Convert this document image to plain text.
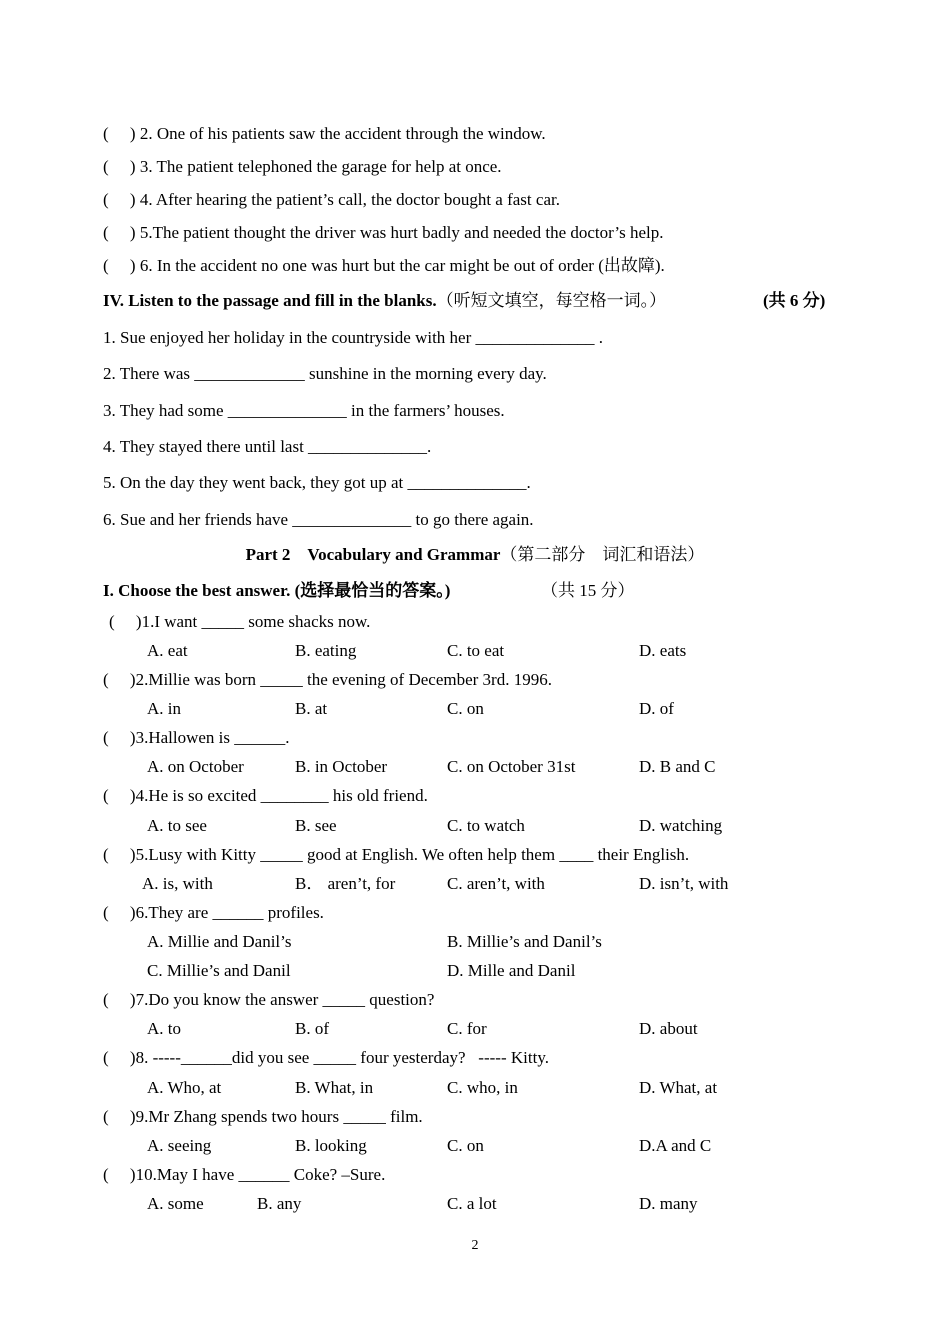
(     ) 2. One of his patients saw the accident through the window.
(     ) 3. The patient telephoned the garage for help at once.
(     ) 4. After hearing the patient’s call, the doctor bought a fast car.
(     ) 5.The patient thought the driver was hurt badly and needed the doctor’s help.
(     ) 6. In the accident no one was hurt but the car might be out of order (出故障).
IV. Listen to the passage and fill in the blanks.（听短文填空，每空格一词。）	(共 6 分)
1. Sue enjoyed her holiday in the countryside with her ______________ .
2. There was _____________ sunshine in the morning every day.
3. They had some ______________ in the farmers’ houses.
4. They stayed there until last ______________.
5. On the day they went back, they got up at ______________.
6. Sue and her friends have ______________ to go there again.
Part 2    Vocabulary and Grammar（第二部分    词汇和语法）
I. Choose the best answer. (选择最恰当的答案。)	（共 15 分）
(     )1.I want _____ some shacks now.
A. eat	B. eating	C. to eat	D. eats
(     )2.Millie was born _____ the evening of December 3rd. 1996.
A. in	B. at	C. on	D. of
(     )3.Hallowen is ______.
A. on October	B. in October	C. on October 31st	D. B and C
(     )4.He is so excited ________ his old friend.
A. to see	B. see	C. to watch	D. watching
(     )5.Lusy with Kitty _____ good at English. We often help them ____ their English.
A. is, with	B． aren’t, for	C. aren’t, with	D. isn’t, with
(     )6.They are ______ profiles.
A. Millie and Danil’s	B. Millie’s and Danil’s
C. Millie’s and Danil	D. Mille and Danil
(     )7.Do you know the answer _____ question?
A. to	B. of	C. for	D. about
(     )8. -----______did you see _____ four yesterday?   ----- Kitty.
A. Who, at	B. What, in	C. who, in	D. What, at
(     )9.Mr Zhang spends two hours _____ film.
A. seeing	B. looking	C. on	D.A and C
(     )10.May I have ______ Coke? –Sure.
A. some	B. any	C. a lot	D. many
2
